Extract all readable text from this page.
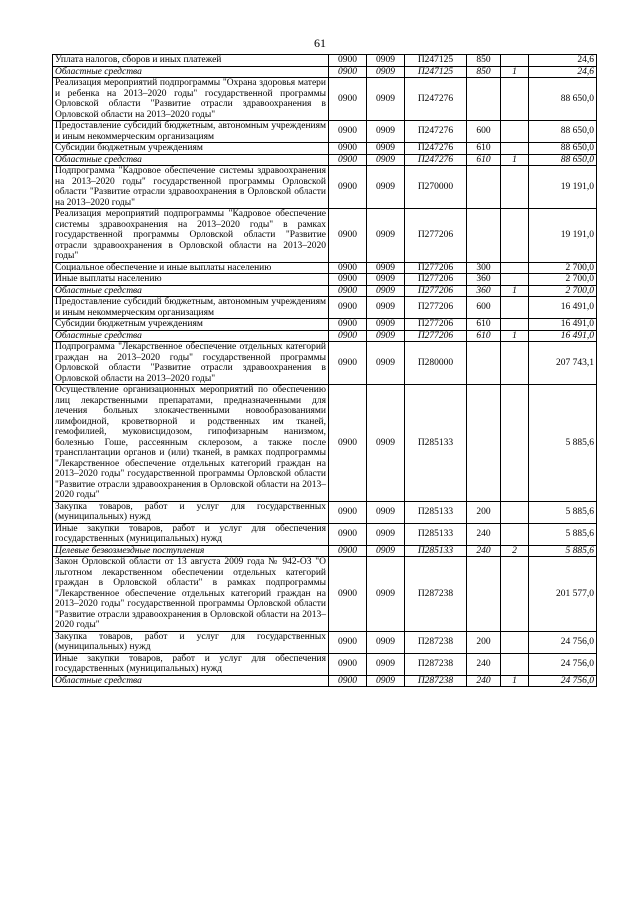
61
Уплата налогов, сборов и иных платежей	0900	0909	П247125	850		24,6
Областные средства	0900	0909	П247125	850	1	24,6
Реализация мероприятий подпрограммы "Охрана здоровья матери и ребенка на 2013–2020 годы" государственной программы Орловской области "Развитие отрасли здравоохранения в Орловской области на 2013–2020 годы"	0900	0909	П247276			88 650,0
Предоставление субсидий бюджетным, автономным учреждениям и иным некоммерческим организациям	0900	0909	П247276	600		88 650,0
Субсидии бюджетным учреждениям	0900	0909	П247276	610		88 650,0
Областные средства	0900	0909	П247276	610	1	88 650,0
Подпрограмма "Кадровое обеспечение системы здравоохранения на 2013–2020 годы" государственной программы Орловской области "Развитие отрасли здравоохранения в Орловской области на 2013–2020 годы"	0900	0909	П270000			19 191,0
Реализация мероприятий подпрограммы "Кадровое обеспечение системы здравоохранения на 2013–2020 годы" в рамках государственной программы Орловской области "Развитие отрасли здравоохранения в Орловской области на 2013–2020 годы"	0900	0909	П277206			19 191,0
Социальное обеспечение и иные выплаты населению	0900	0909	П277206	300		2 700,0
Иные выплаты населению	0900	0909	П277206	360		2 700,0
Областные средства	0900	0909	П277206	360	1	2 700,0
Предоставление субсидий бюджетным, автономным учреждениям и иным некоммерческим организациям	0900	0909	П277206	600		16 491,0
Субсидии бюджетным учреждениям	0900	0909	П277206	610		16 491,0
Областные средства	0900	0909	П277206	610	1	16 491,0
Подпрограмма "Лекарственное обеспечение отдельных категорий граждан на 2013–2020 годы" государственной программы Орловской области "Развитие отрасли здравоохранения в Орловской области на 2013–2020 годы"	0900	0909	П280000			207 743,1
Осуществление организационных мероприятий по обеспечению лиц лекарственными препаратами, предназначенными для лечения больных злокачественными новообразованиями лимфоидной, кроветворной и родственных им тканей, гемофилией, муковисцидозом, гипофизарным нанизмом, болезнью Гоше, рассеянным склерозом, а также после трансплантации органов и (или) тканей, в рамках подпрограммы "Лекарственное обеспечение отдельных категорий граждан на 2013–2020 годы" государственной программы Орловской области "Развитие отрасли здравоохранения в Орловской области на 2013–2020 годы"	0900	0909	П285133			5 885,6
Закупка товаров, работ и услуг для государственных (муниципальных) нужд	0900	0909	П285133	200		5 885,6
Иные закупки товаров, работ и услуг для обеспечения государственных (муниципальных) нужд	0900	0909	П285133	240		5 885,6
Целевые безвозмездные поступления	0900	0909	П285133	240	2	5 885,6
Закон Орловской области от 13 августа 2009 года № 942-ОЗ "О льготном лекарственном обеспечении отдельных категорий граждан в Орловской области" в рамках подпрограммы "Лекарственное обеспечение отдельных категорий граждан на 2013–2020 годы" государственной программы Орловской области "Развитие отрасли здравоохранения в Орловской области на 2013–2020 годы"	0900	0909	П287238			201 577,0
Закупка товаров, работ и услуг для государственных (муниципальных) нужд	0900	0909	П287238	200		24 756,0
Иные закупки товаров, работ и услуг для обеспечения государственных (муниципальных) нужд	0900	0909	П287238	240		24 756,0
Областные средства	0900	0909	П287238	240	1	24 756,0
